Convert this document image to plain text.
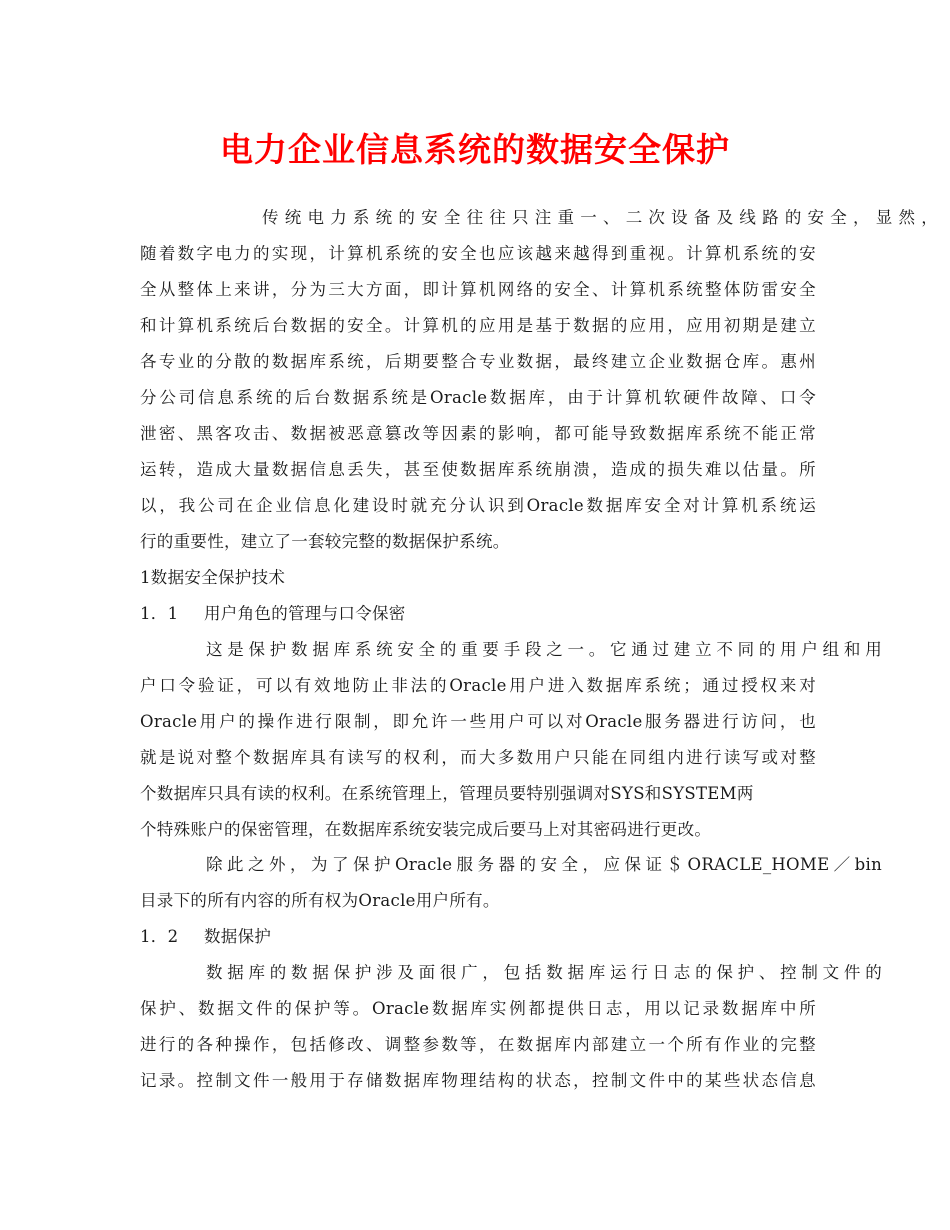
电力企业信息系统的数据安全保护
传统电力系统的安全往往只注重一、二次设备及线路的安全，显然，
随着数字电力的实现，计算机系统的安全也应该越来越得到重视。计算机系统的安
全从整体上来讲，分为三大方面，即计算机网络的安全、计算机系统整体防雷安全
和计算机系统后台数据的安全。计算机的应用是基于数据的应用，应用初期是建立
各专业的分散的数据库系统，后期要整合专业数据，最终建立企业数据仓库。惠州
分公司信息系统的后台数据系统是Oracle数据库，由于计算机软硬件故障、口令
泄密、黑客攻击、数据被恶意篡改等因素的影响，都可能导致数据库系统不能正常
运转，造成大量数据信息丢失，甚至使数据库系统崩溃，造成的损失难以估量。所
以，我公司在企业信息化建设时就充分认识到Oracle数据库安全对计算机系统运
行的重要性，建立了一套较完整的数据保护系统。
1数据安全保护技术
1．1 用户角色的管理与口令保密
这是保护数据库系统安全的重要手段之一。它通过建立不同的用户组和用
户口令验证，可以有效地防止非法的Oracle用户进入数据库系统；通过授权来对
Oracle用户的操作进行限制，即允许一些用户可以对Oracle服务器进行访问，也
就是说对整个数据库具有读写的权利，而大多数用户只能在同组内进行读写或对整
个数据库只具有读的权利。在系统管理上，管理员要特别强调对SYS和SYSTEM两
个特殊账户的保密管理，在数据库系统安装完成后要马上对其密码进行更改。
除此之外，为了保护Oracle服务器的安全，应保证＄ORACLE_HOME／bin
目录下的所有内容的所有权为Oracle用户所有。
1．2 数据保护
数据库的数据保护涉及面很广，包括数据库运行日志的保护、控制文件的
保护、数据文件的保护等。Oracle数据库实例都提供日志，用以记录数据库中所
进行的各种操作，包括修改、调整参数等，在数据库内部建立一个所有作业的完整
记录。控制文件一般用于存储数据库物理结构的状态，控制文件中的某些状态信息
